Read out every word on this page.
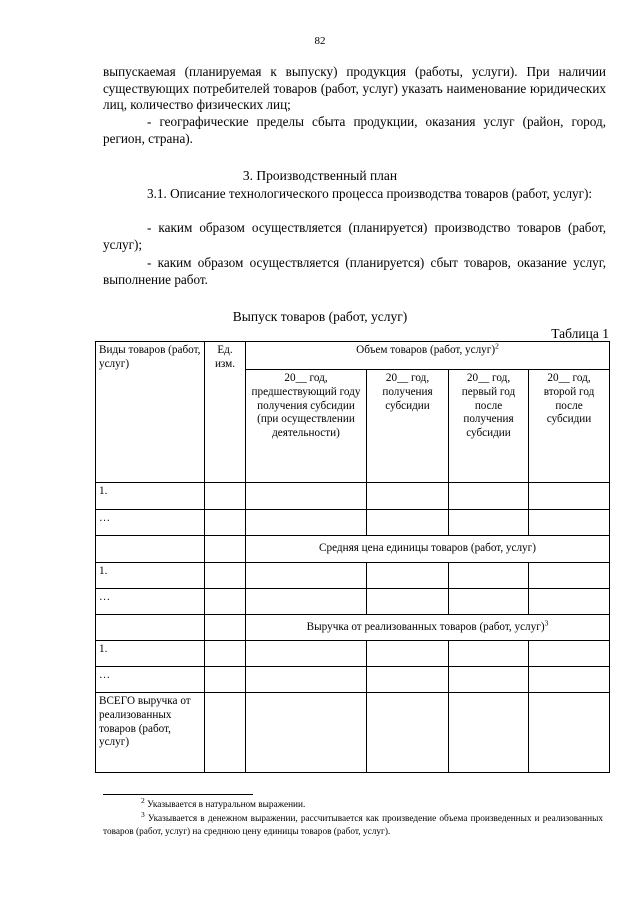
82
выпускаемая (планируемая к выпуску) продукция (работы, услуги). При наличии существующих потребителей товаров (работ, услуг) указать наименование юридических лиц, количество физических лиц;
- географические пределы сбыта продукции, оказания услуг (район, город, регион, страна).
3. Производственный план
3.1. Описание технологического процесса производства товаров (работ, услуг):
- каким образом осуществляется (планируется) производство товаров (работ, услуг);
- каким образом осуществляется (планируется) сбыт товаров, оказание услуг, выполнение работ.
Выпуск товаров (работ, услуг)
Таблица 1
Виды товаров (работ, услуг)	Ед. изм.	Объем товаров (работ, услуг)$^2$
		20__ год, предшествующий году получения субсидии (при осуществлении деятельности)	20__ год, получения субсидии	20__ год, первый год после получения субсидии	20__ год, второй год после субсидии
1.					
…					
		Средняя цена единицы товаров (работ, услуг)			
1.					
…					
		Выручка от реализованных товаров (работ, услуг)$^3$
1.					
…					
ВСЕГО выручка от реализованных товаров (работ, услуг)					
$^2$ Указывается в натуральном выражении.
$^3$ Указывается в денежном выражении, рассчитывается как произведение объема произведенных и реализованных товаров (работ, услуг) на среднюю цену единицы товаров (работ, услуг).
